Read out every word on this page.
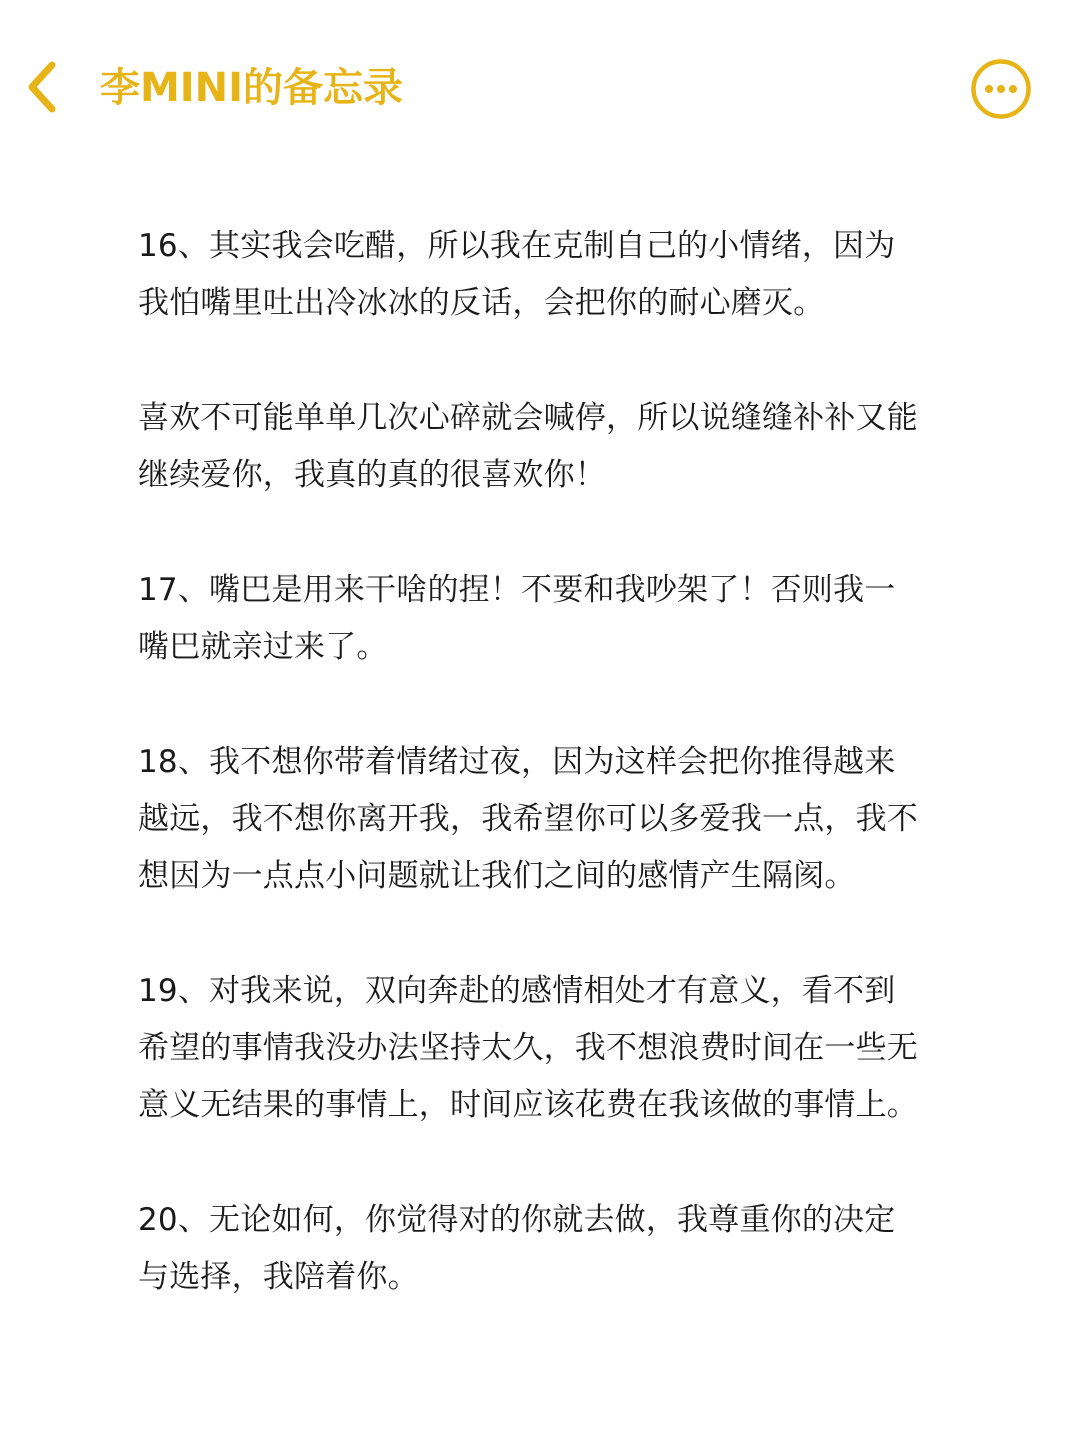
李MINI的备忘录

16、其实我会吃醋，所以我在克制自己的小情绪，因为
我怕嘴里吐出冷冰冰的反话，会把你的耐心磨灭。

喜欢不可能单单几次心碎就会喊停，所以说缝缝补补又能
继续爱你，我真的真的很喜欢你！

17、嘴巴是用来干啥的捏！不要和我吵架了！否则我一
嘴巴就亲过来了。

18、我不想你带着情绪过夜，因为这样会把你推得越来
越远，我不想你离开我，我希望你可以多爱我一点，我不
想因为一点点小问题就让我们之间的感情产生隔阂。

19、对我来说，双向奔赴的感情相处才有意义，看不到
希望的事情我没办法坚持太久，我不想浪费时间在一些无
意义无结果的事情上，时间应该花费在我该做的事情上。

20、无论如何，你觉得对的你就去做，我尊重你的决定
与选择，我陪着你。
